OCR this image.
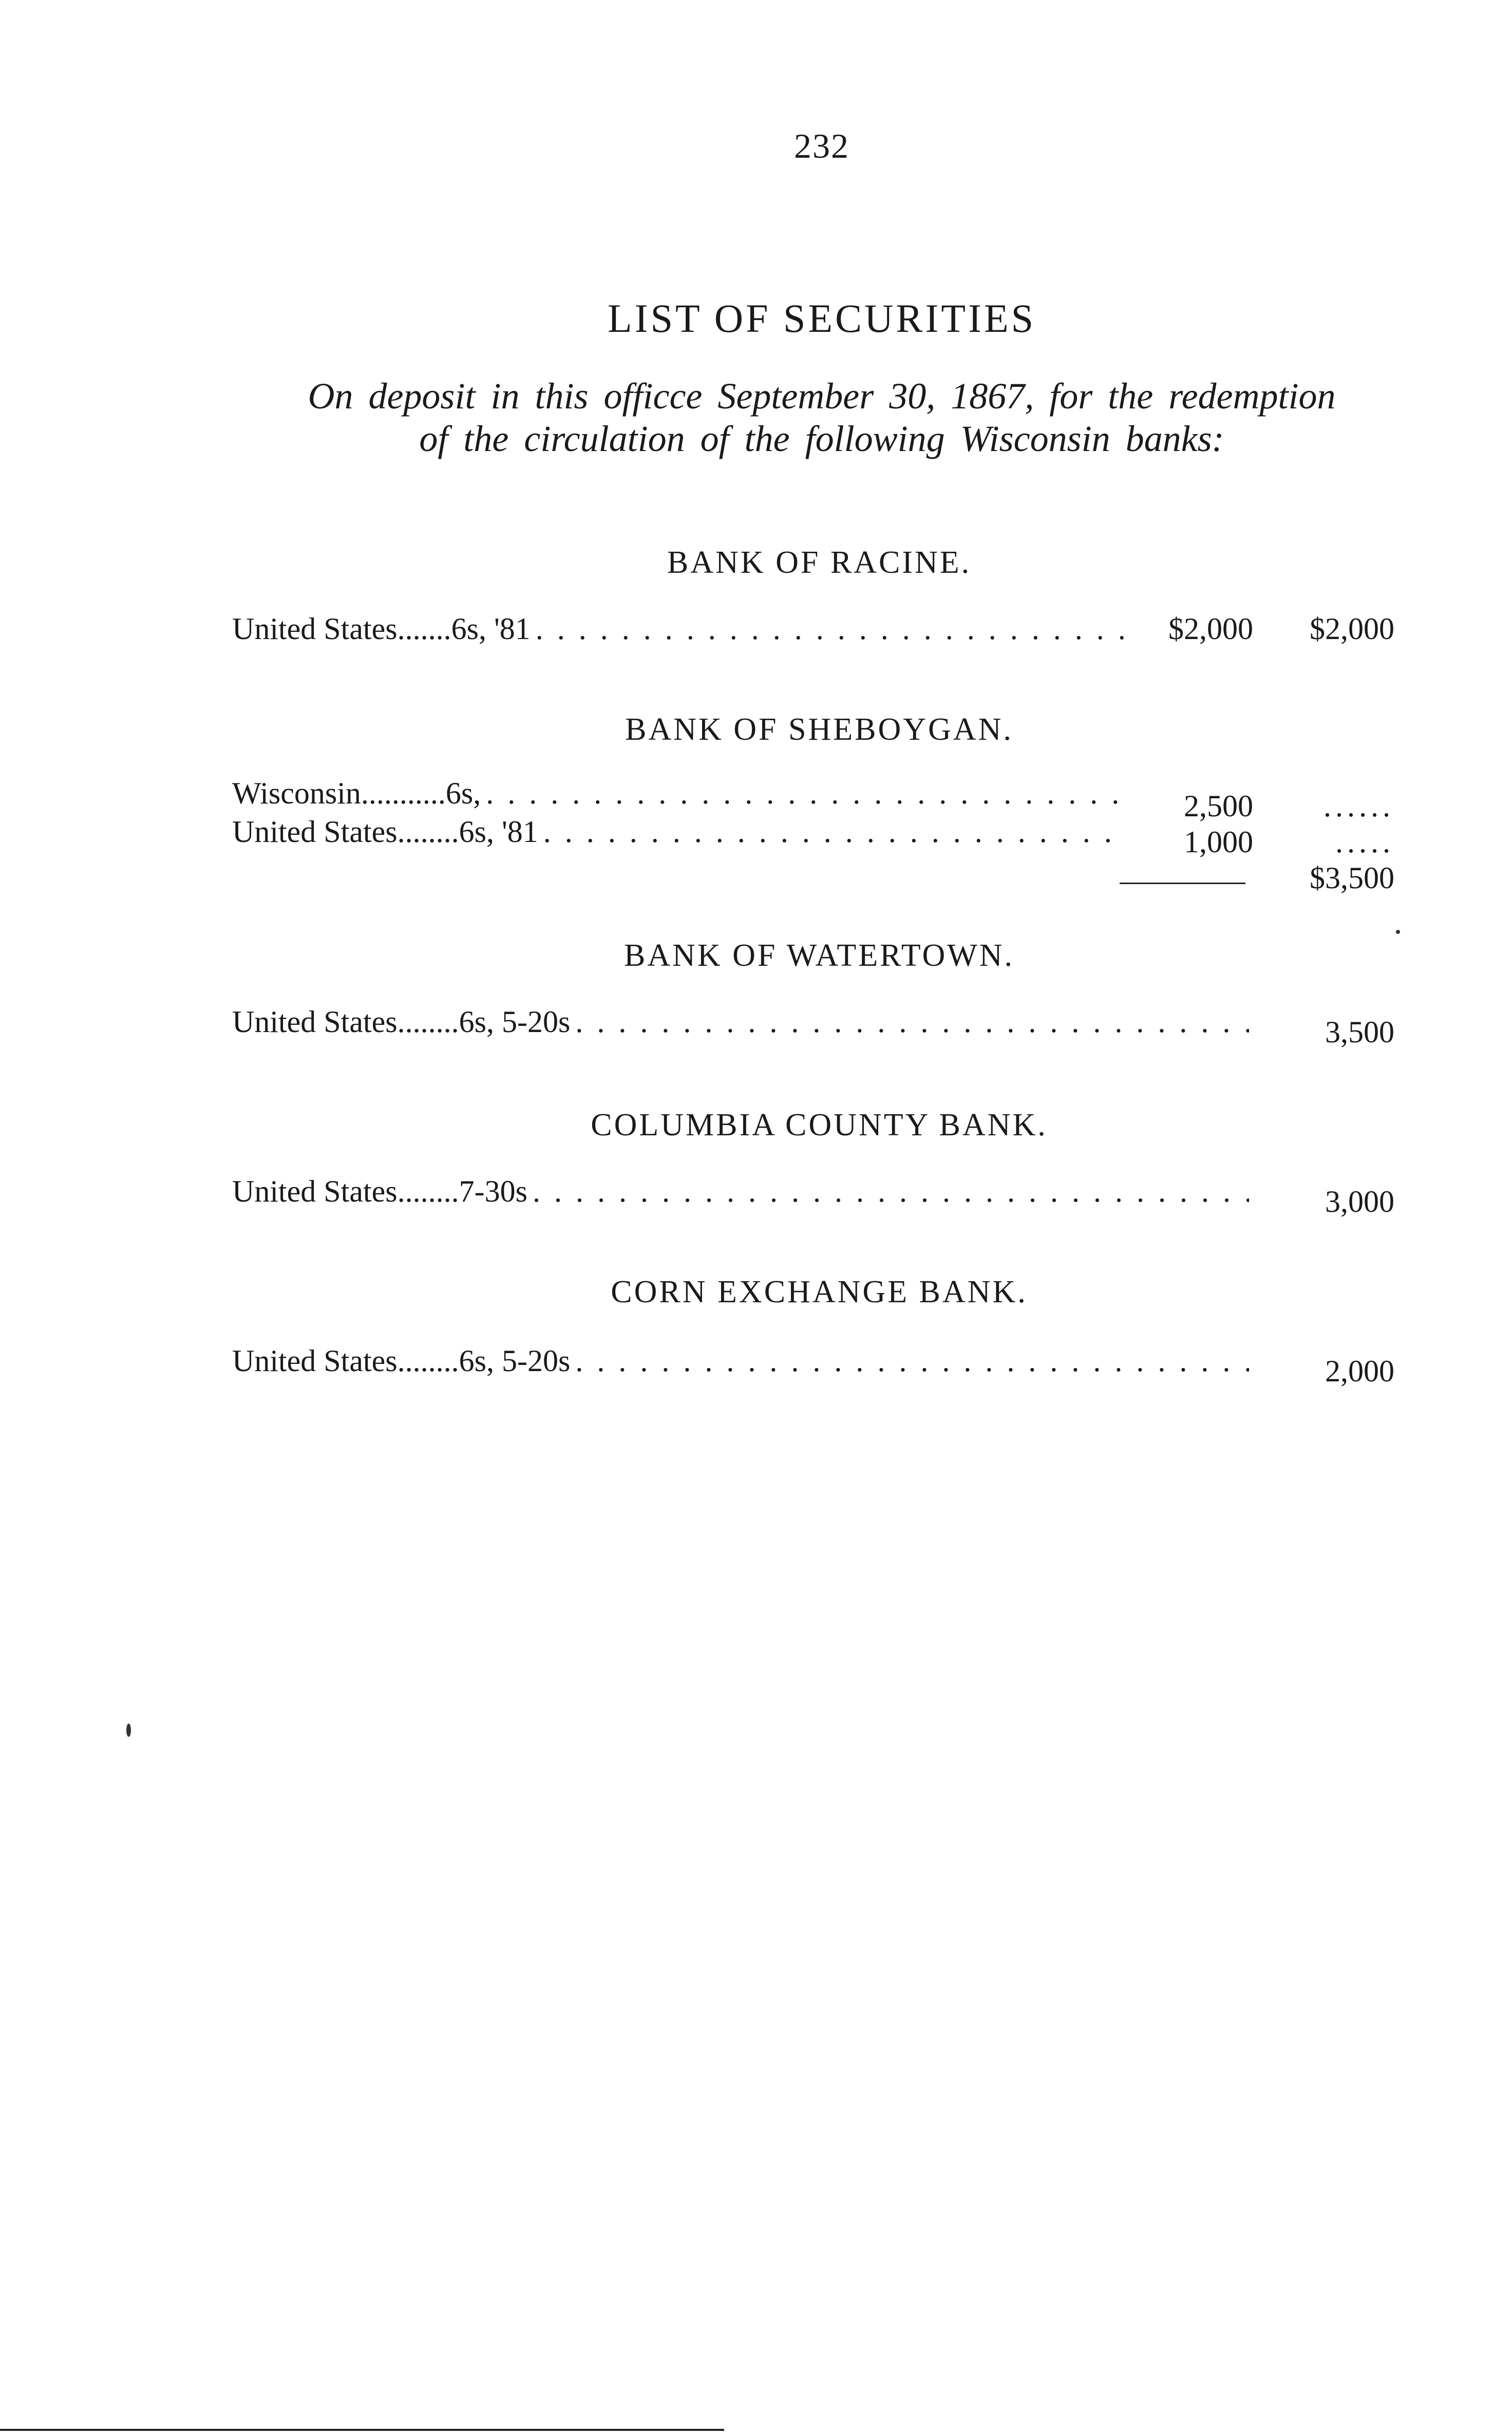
232
LIST OF SECURITIES
On deposit in this officce September 30, 1867, for the redemption
of the circulation of the following Wisconsin banks:
BANK OF RACINE.
United States....... 6s, '81 . . .	$2,000	$2,000
BANK OF SHEBOYGAN.
Wisconsin........... 6s, . . .	2,500	......
United States........ 6s, '81 . . .	1,000	.....
$3,500
BANK OF WATERTOWN.
United States........ 6s, 5-20s . . .	3,500
COLUMBIA COUNTY BANK.
United States........ 7-30s . . .	3,000
CORN EXCHANGE BANK.
United States........ 6s, 5-20s . . .	2,000
